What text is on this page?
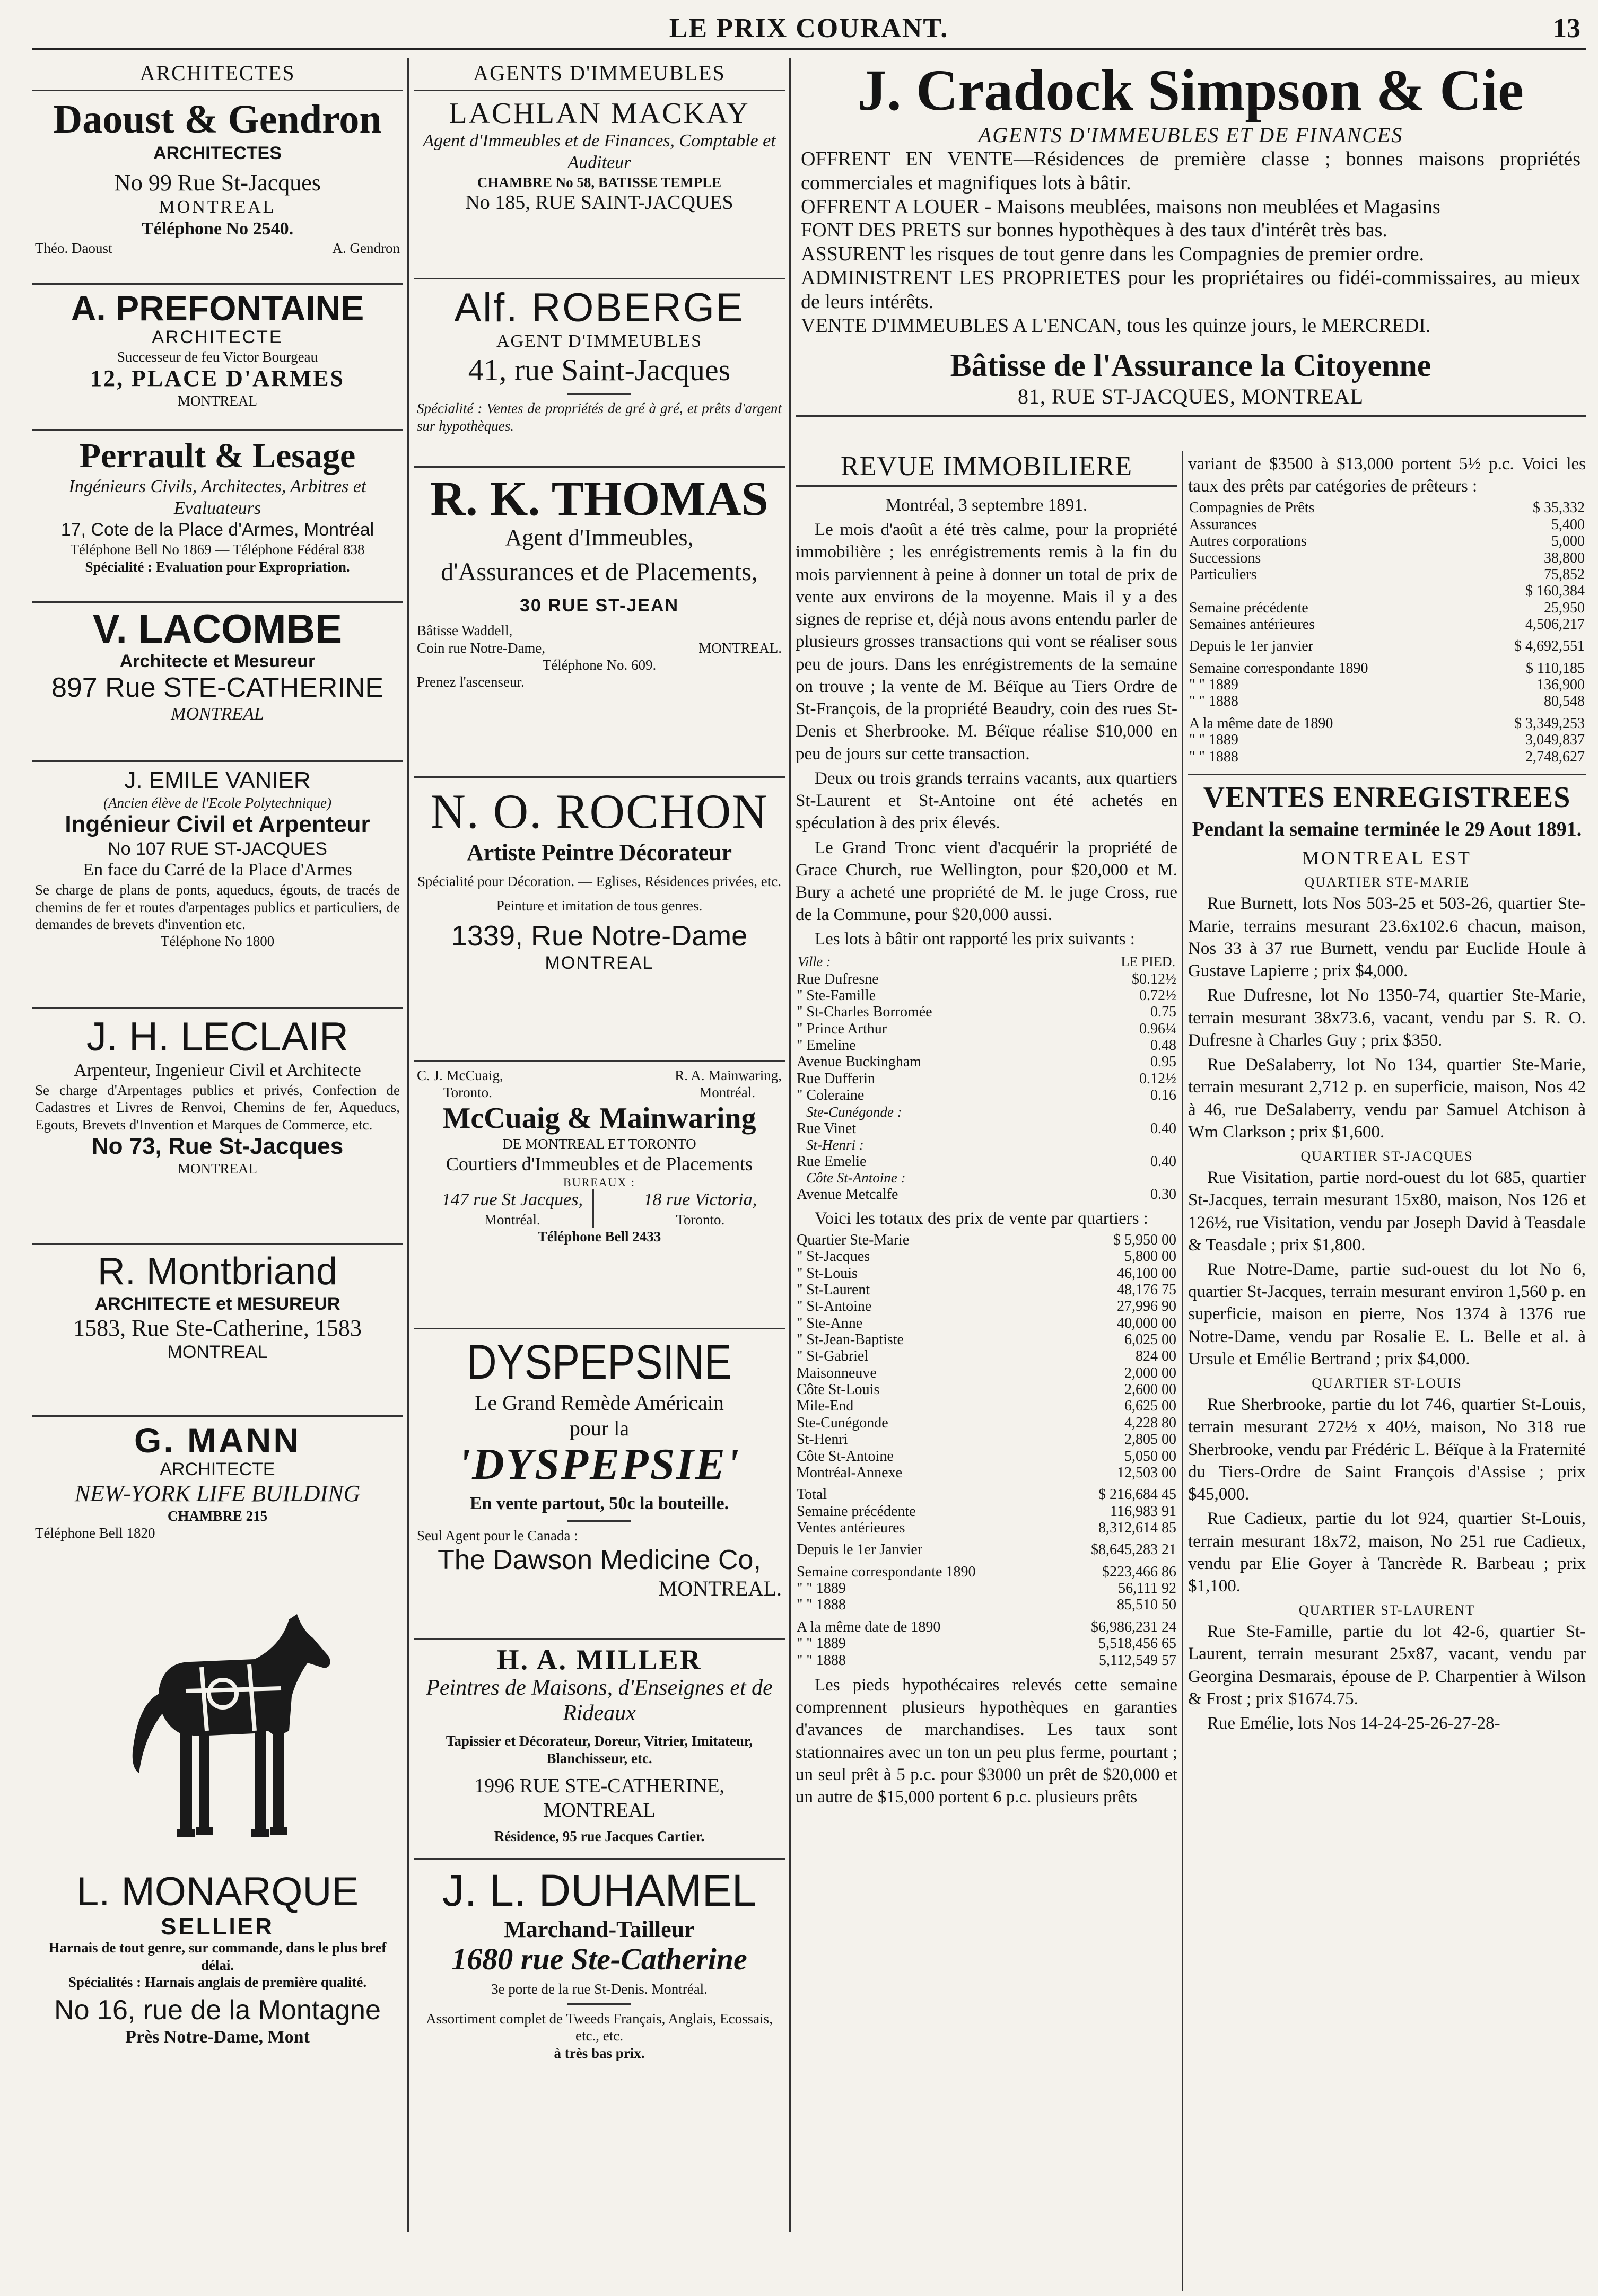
LE PRIX COURANT.	13
ARCHITECTES
Daoust & Gendron
ARCHITECTES
No 99 Rue St-Jacques
MONTREAL
Téléphone No 2540.
Théo. Daoust	A. Gendron
A. PREFONTAINE
ARCHITECTE
Successeur de feu Victor Bourgeau
12, PLACE D'ARMES
MONTREAL
Perrault & Lesage
Ingénieurs Civils, Architectes, Arbitres et Evaluateurs
17, Cote de la Place d'Armes, Montréal
Téléphone Bell No 1869 — Téléphone Fédéral 838
Spécialité : Evaluation pour Expropriation.
V. LACOMBE
Architecte et Mesureur
897 Rue STE-CATHERINE
MONTREAL
J. EMILE VANIER
(Ancien élève de l'Ecole Polytechnique)
Ingénieur Civil et Arpenteur
No 107 RUE ST-JACQUES
En face du Carré de la Place d'Armes
Se charge de plans de ponts, aqueducs, égouts, de tracés de chemins de fer et routes d'arpentages publics et particuliers, de demandes de brevets d'invention etc.
Téléphone No 1800
J. H. LECLAIR
Arpenteur, Ingenieur Civil et Architecte
Se charge d'Arpentages publics et privés, Confection de Cadastres et Livres de Renvoi, Chemins de fer, Aqueducs, Egouts, Brevets d'Invention et Marques de Commerce, etc.
No 73, Rue St-Jacques
MONTREAL
R. Montbriand
ARCHITECTE et MESUREUR
1583, Rue Ste-Catherine, 1583
MONTREAL
G. MANN
ARCHITECTE
NEW-YORK LIFE BUILDING
CHAMBRE 215
Téléphone Bell 1820
L. MONARQUE
SELLIER
Harnais de tout genre, sur commande, dans le plus bref délai.
Spécialités : Harnais anglais de première qualité.
No 16, rue de la Montagne
Près Notre-Dame, Mont
AGENTS D'IMMEUBLES
LACHLAN MACKAY
Agent d'Immeubles et de Finances, Comptable et Auditeur
CHAMBRE No 58, BATISSE TEMPLE
No 185, RUE SAINT-JACQUES
Alf. ROBERGE
AGENT D'IMMEUBLES
41, rue Saint-Jacques
Spécialité : Ventes de propriétés de gré à gré, et prêts d'argent sur hypothèques.
R. K. THOMAS
Agent d'Immeubles,
d'Assurances et de Placements,
30 RUE ST-JEAN
Bâtisse Waddell,
Coin rue Notre-Dame,	MONTREAL.
Téléphone No. 609.
Prenez l'ascenseur.
N. O. ROCHON
Artiste Peintre Décorateur
Spécialité pour Décoration. — Eglises, Résidences privées, etc.
Peinture et imitation de tous genres.
1339, Rue Notre-Dame
MONTREAL
C. J. McCuaig,	R. A. Mainwaring,
Toronto.	Montréal.
McCuaig & Mainwaring
DE MONTREAL ET TORONTO
Courtiers d'Immeubles et de Placements
BUREAUX :
147 rue St Jacques,
Montréal.
18 rue Victoria,
Toronto.
Téléphone Bell 2433
DYSPEPSINE
Le Grand Remède Américain
pour la
'DYSPEPSIE'
En vente partout, 50c la bouteille.
Seul Agent pour le Canada :
The Dawson Medicine Co,
MONTREAL.
H. A. MILLER
Peintres de Maisons, d'Enseignes et de Rideaux
Tapissier et Décorateur, Doreur, Vitrier, Imitateur, Blanchisseur, etc.
1996 RUE STE-CATHERINE, MONTREAL
Résidence, 95 rue Jacques Cartier.
J. L. DUHAMEL
Marchand-Tailleur
1680 rue Ste-Catherine
3e porte de la rue St-Denis. Montréal.
Assortiment complet de Tweeds Français, Anglais, Ecossais, etc., etc.
à très bas prix.
J. Cradock Simpson & Cie
AGENTS D'IMMEUBLES ET DE FINANCES
OFFRENT EN VENTE—Résidences de première classe ; bonnes maisons propriétés commerciales et magnifiques lots à bâtir.
OFFRENT A LOUER - Maisons meublées, maisons non meublées et Magasins
FONT DES PRETS sur bonnes hypothèques à des taux d'intérêt très bas.
ASSURENT les risques de tout genre dans les Compagnies de premier ordre.
ADMINISTRENT LES PROPRIETES pour les propriétaires ou fidéi-commissaires, au mieux de leurs intérêts.
VENTE D'IMMEUBLES A L'ENCAN, tous les quinze jours, le MERCREDI.
Bâtisse de l'Assurance la Citoyenne
81, RUE ST-JACQUES, MONTREAL
REVUE IMMOBILIERE
Montréal, 3 septembre 1891.
Le mois d'août a été très calme, pour la propriété immobilière ; les enrégistrements remis à la fin du mois parviennent à peine à donner un total de prix de vente aux environs de la moyenne. Mais il y a des signes de reprise et, déjà nous avons entendu parler de plusieurs grosses transactions qui vont se réaliser sous peu de jours. Dans les enrégistrements de la semaine on trouve ; la vente de M. Béïque au Tiers Ordre de St-François, de la propriété Beaudry, coin des rues St-Denis et Sherbrooke. M. Béïque réalise $10,000 en peu de jours sur cette transaction.
Deux ou trois grands terrains vacants, aux quartiers St-Laurent et St-Antoine ont été achetés en spéculation à des prix élevés.
Le Grand Tronc vient d'acquérir la propriété de Grace Church, rue Wellington, pour $20,000 et M. Bury a acheté une propriété de M. le juge Cross, rue de la Commune, pour $20,000 aussi.
Les lots à bâtir ont rapporté les prix suivants :
Ville :	LE PIED.
Rue Dufresne	$0.12½
" Ste-Famille	0.72½
" St-Charles Borromée	0.75
" Prince Arthur	0.96¼
" Emeline	0.48
Avenue Buckingham	0.95
Rue Dufferin	0.12½
" Coleraine	0.16
Ste-Cunégonde :
Rue Vinet	0.40
St-Henri :
Rue Emelie	0.40
Côte St-Antoine :
Avenue Metcalfe	0.30
Voici les totaux des prix de vente par quartiers :
Quartier Ste-Marie	$ 5,950 00
" St-Jacques	5,800 00
" St-Louis	46,100 00
" St-Laurent	48,176 75
" St-Antoine	27,996 90
" Ste-Anne	40,000 00
" St-Jean-Baptiste	6,025 00
" St-Gabriel	824 00
Maisonneuve	2,000 00
Côte St-Louis	2,600 00
Mile-End	6,625 00
Ste-Cunégonde	4,228 80
St-Henri	2,805 00
Côte St-Antoine	5,050 00
Montréal-Annexe	12,503 00
Total	$ 216,684 45
Semaine précédente	116,983 91
Ventes antérieures	8,312,614 85
Depuis le 1er Janvier	$8,645,283 21
Semaine correspondante 1890	$223,466 86
" " 1889	56,111 92
" " 1888	85,510 50
A la même date de 1890	$6,986,231 24
" " 1889	5,518,456 65
" " 1888	5,112,549 57
Les pieds hypothécaires relevés cette semaine comprennent plusieurs hypothèques en garanties d'avances de marchandises. Les taux sont stationnaires avec un ton un peu plus ferme, pourtant ; un seul prêt à 5 p.c. pour $3000 un prêt de $20,000 et un autre de $15,000 portent 6 p.c. plusieurs prêts
variant de $3500 à $13,000 portent 5½ p.c. Voici les taux des prêts par catégories de prêteurs :
Compagnies de Prêts	$ 35,332
Assurances	5,400
Autres corporations	5,000
Successions	38,800
Particuliers	75,852
	$ 160,384
Semaine précédente	25,950
Semaines antérieures	4,506,217
Depuis le 1er janvier	$ 4,692,551
Semaine correspondante 1890	$ 110,185
" " 1889	136,900
" " 1888	80,548
A la même date de 1890	$ 3,349,253
" " 1889	3,049,837
" " 1888	2,748,627
VENTES ENREGISTREES
Pendant la semaine terminée le 29 Aout 1891.
MONTREAL EST
QUARTIER STE-MARIE
Rue Burnett, lots Nos 503-25 et 503-26, quartier Ste-Marie, terrains mesurant 23.6x102.6 chacun, maison, Nos 33 à 37 rue Burnett, vendu par Euclide Houle à Gustave Lapierre ; prix $4,000.
Rue Dufresne, lot No 1350-74, quartier Ste-Marie, terrain mesurant 38x73.6, vacant, vendu par S. R. O. Dufresne à Charles Guy ; prix $350.
Rue DeSalaberry, lot No 134, quartier Ste-Marie, terrain mesurant 2,712 p. en superficie, maison, Nos 42 à 46, rue DeSalaberry, vendu par Samuel Atchison à Wm Clarkson ; prix $1,600.
QUARTIER ST-JACQUES
Rue Visitation, partie nord-ouest du lot 685, quartier St-Jacques, terrain mesurant 15x80, maison, Nos 126 et 126½, rue Visitation, vendu par Joseph David à Teasdale & Teasdale ; prix $1,800.
Rue Notre-Dame, partie sud-ouest du lot No 6, quartier St-Jacques, terrain mesurant environ 1,560 p. en superficie, maison en pierre, Nos 1374 à 1376 rue Notre-Dame, vendu par Rosalie E. L. Belle et al. à Ursule et Emélie Bertrand ; prix $4,000.
QUARTIER ST-LOUIS
Rue Sherbrooke, partie du lot 746, quartier St-Louis, terrain mesurant 272½ x 40½, maison, No 318 rue Sherbrooke, vendu par Frédéric L. Béïque à la Fraternité du Tiers-Ordre de Saint François d'Assise ; prix $45,000.
Rue Cadieux, partie du lot 924, quartier St-Louis, terrain mesurant 18x72, maison, No 251 rue Cadieux, vendu par Elie Goyer à Tancrède R. Barbeau ; prix $1,100.
QUARTIER ST-LAURENT
Rue Ste-Famille, partie du lot 42-6, quartier St-Laurent, terrain mesurant 25x87, vacant, vendu par Georgina Desmarais, épouse de P. Charpentier à Wilson & Frost ; prix $1674.75.
Rue Emélie, lots Nos 14-24-25-26-27-28-
